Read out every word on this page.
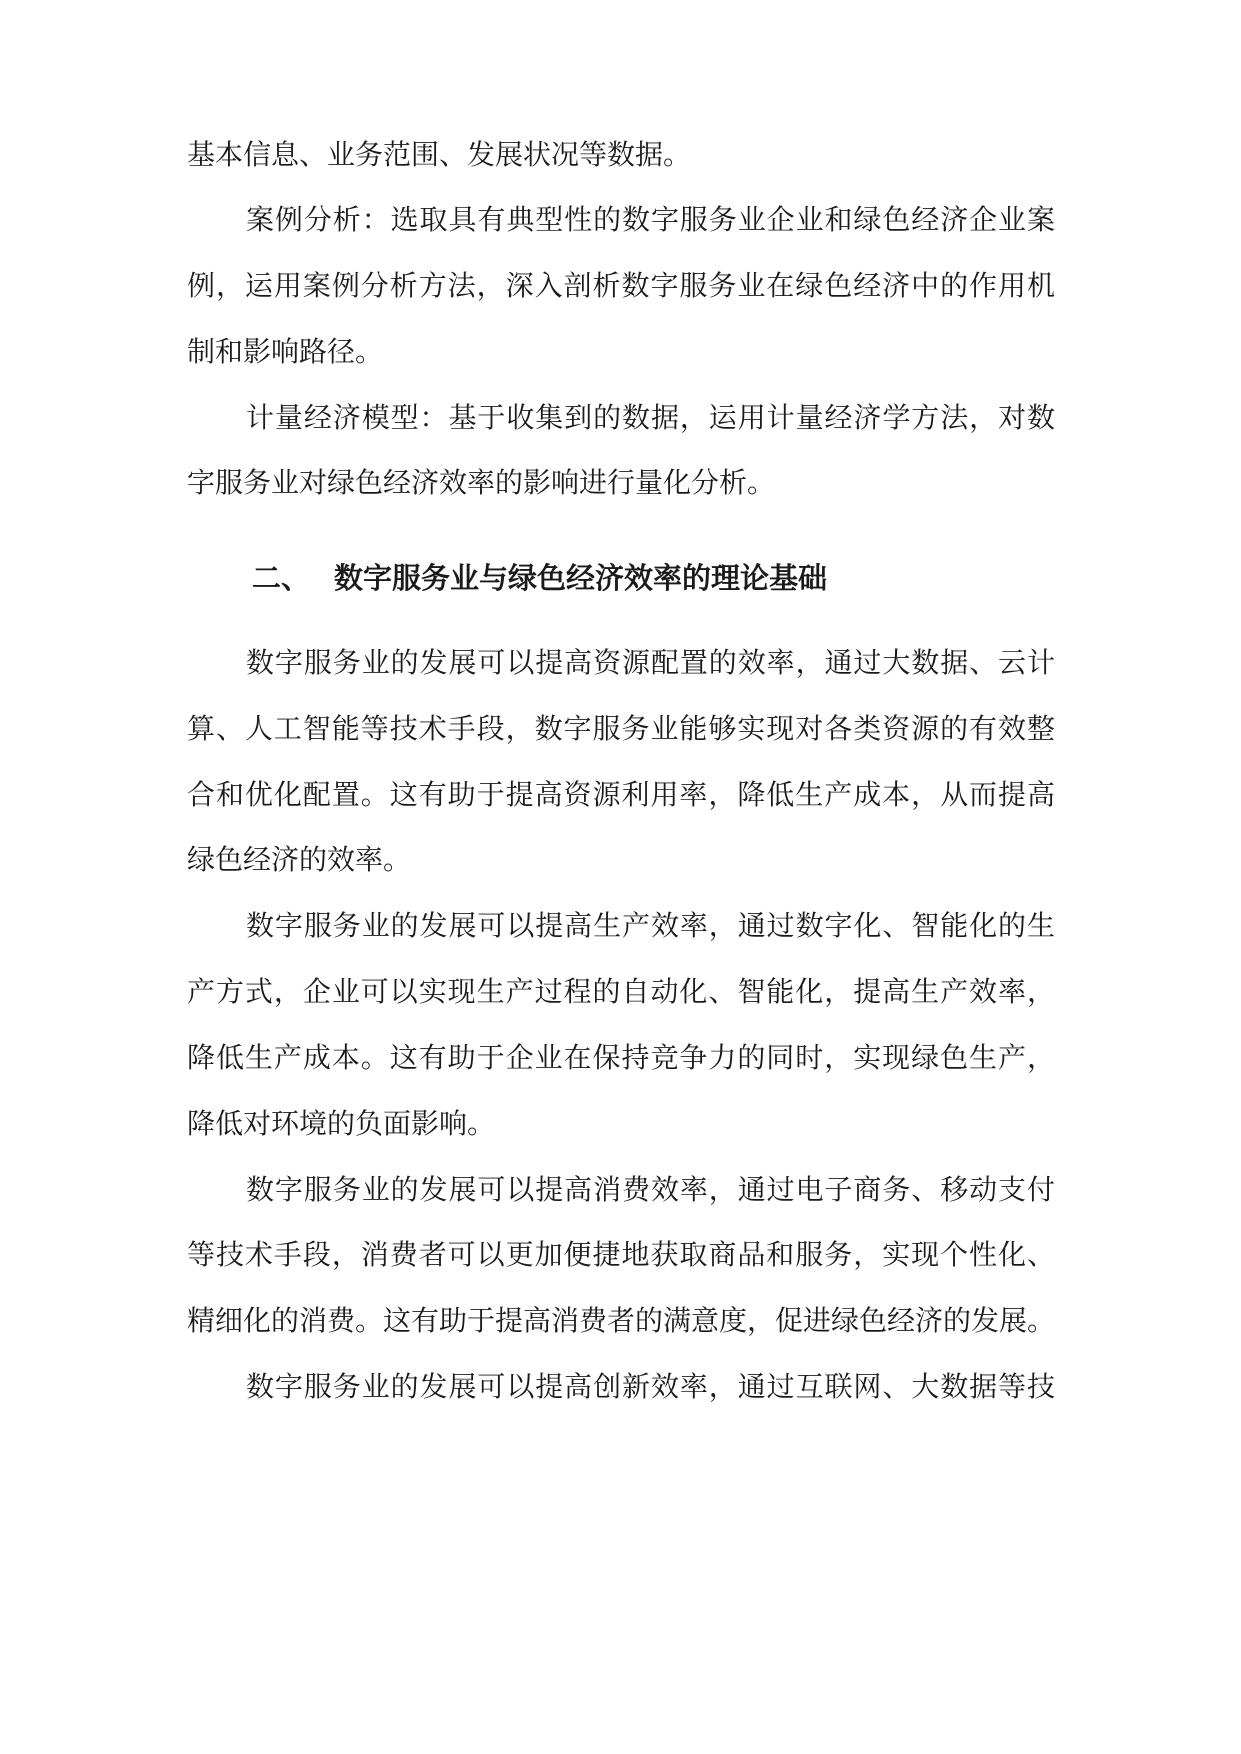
基本信息、业务范围、发展状况等数据。
案例分析：选取具有典型性的数字服务业企业和绿色经济企业案
例，运用案例分析方法，深入剖析数字服务业在绿色经济中的作用机
制和影响路径。
计量经济模型：基于收集到的数据，运用计量经济学方法，对数
字服务业对绿色经济效率的影响进行量化分析。
二、 数字服务业与绿色经济效率的理论基础
数字服务业的发展可以提高资源配置的效率，通过大数据、云计
算、人工智能等技术手段，数字服务业能够实现对各类资源的有效整
合和优化配置。这有助于提高资源利用率，降低生产成本，从而提高
绿色经济的效率。
数字服务业的发展可以提高生产效率，通过数字化、智能化的生
产方式，企业可以实现生产过程的自动化、智能化，提高生产效率，
降低生产成本。这有助于企业在保持竞争力的同时，实现绿色生产，
降低对环境的负面影响。
数字服务业的发展可以提高消费效率，通过电子商务、移动支付
等技术手段，消费者可以更加便捷地获取商品和服务，实现个性化、
精细化的消费。这有助于提高消费者的满意度，促进绿色经济的发展。
数字服务业的发展可以提高创新效率，通过互联网、大数据等技
